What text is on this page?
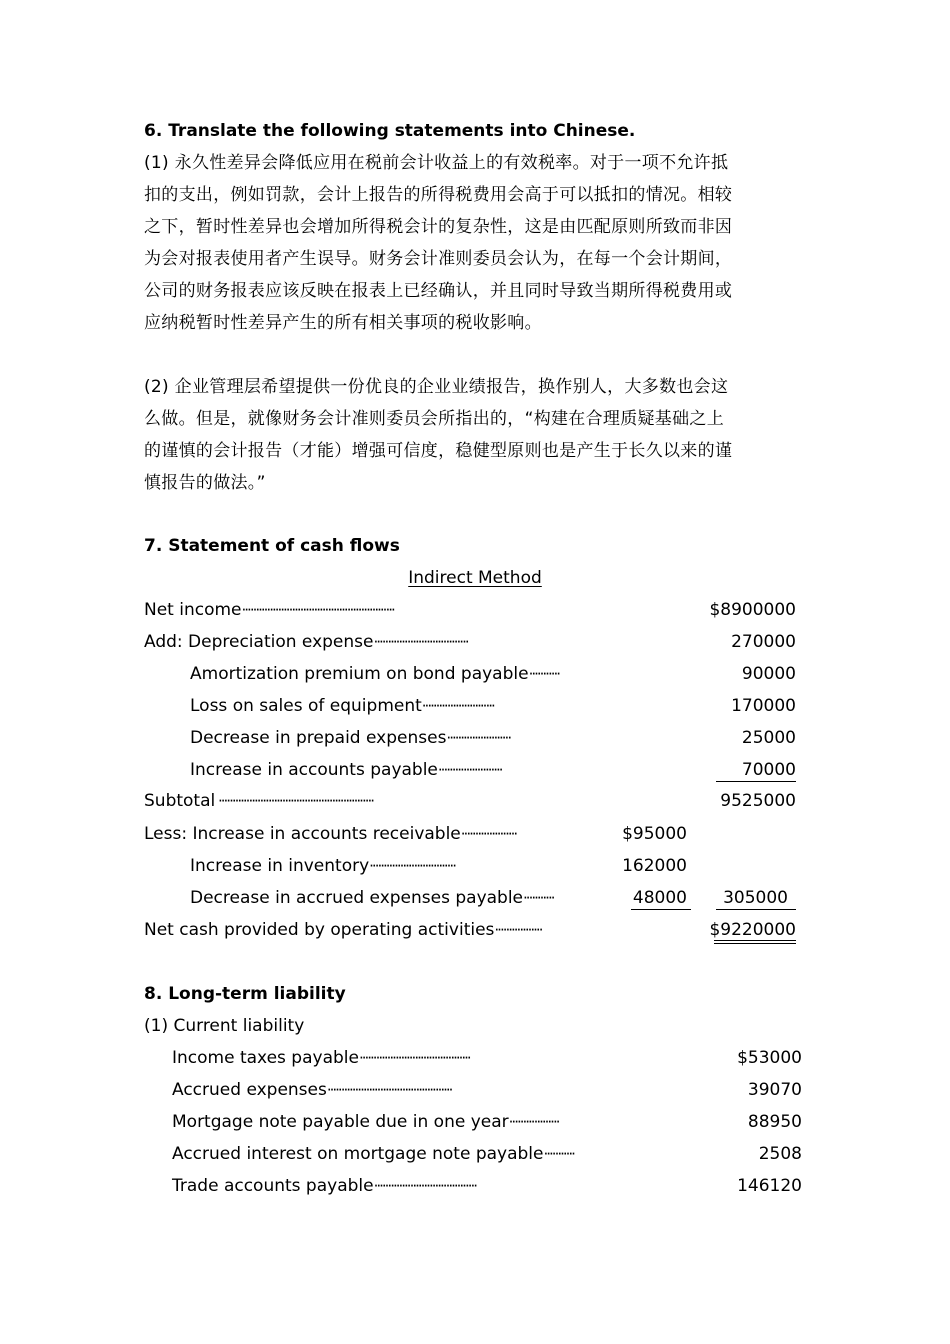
6. Translate the following statements into Chinese.
(1) 永久性差异会降低应用在税前会计收益上的有效税率。对于一项不允许抵
扣的支出，例如罚款，会计上报告的所得税费用会高于可以抵扣的情况。相较
之下，暂时性差异也会增加所得税会计的复杂性，这是由匹配原则所致而非因
为会对报表使用者产生误导。财务会计准则委员会认为，在每一个会计期间，
公司的财务报表应该反映在报表上已经确认，并且同时导致当期所得税费用或
应纳税暂时性差异产生的所有相关事项的税收影响。
(2) 企业管理层希望提供一份优良的企业业绩报告，换作别人，大多数也会这
么做。但是，就像财务会计准则委员会所指出的，“构建在合理质疑基础之上
的谨慎的会计报告（才能）增强可信度，稳健型原则也是产生于长久以来的谨
慎报告的做法。”
7. Statement of cash flows
Indirect Method
Net income·······················································	$8900000
Add: Depreciation expense··································	270000
Amortization premium on bond payable···········	90000
Loss on sales of equipment··························	170000
Decrease in prepaid expenses·······················	25000
Increase in accounts payable·······················	70000
Subtotal ························································	9525000
Less: Increase in accounts receivable····················	$95000
Increase in inventory·······························	162000
Decrease in accrued expenses payable···········	48000 305000
Net cash provided by operating activities·················	$9220000
8. Long-term liability
(1) Current liability
Income taxes payable········································	$53000
Accrued expenses·············································	39070
Mortgage note payable due in one year··················	88950
Accrued interest on mortgage note payable···········	2508
Trade accounts payable·····································	146120
